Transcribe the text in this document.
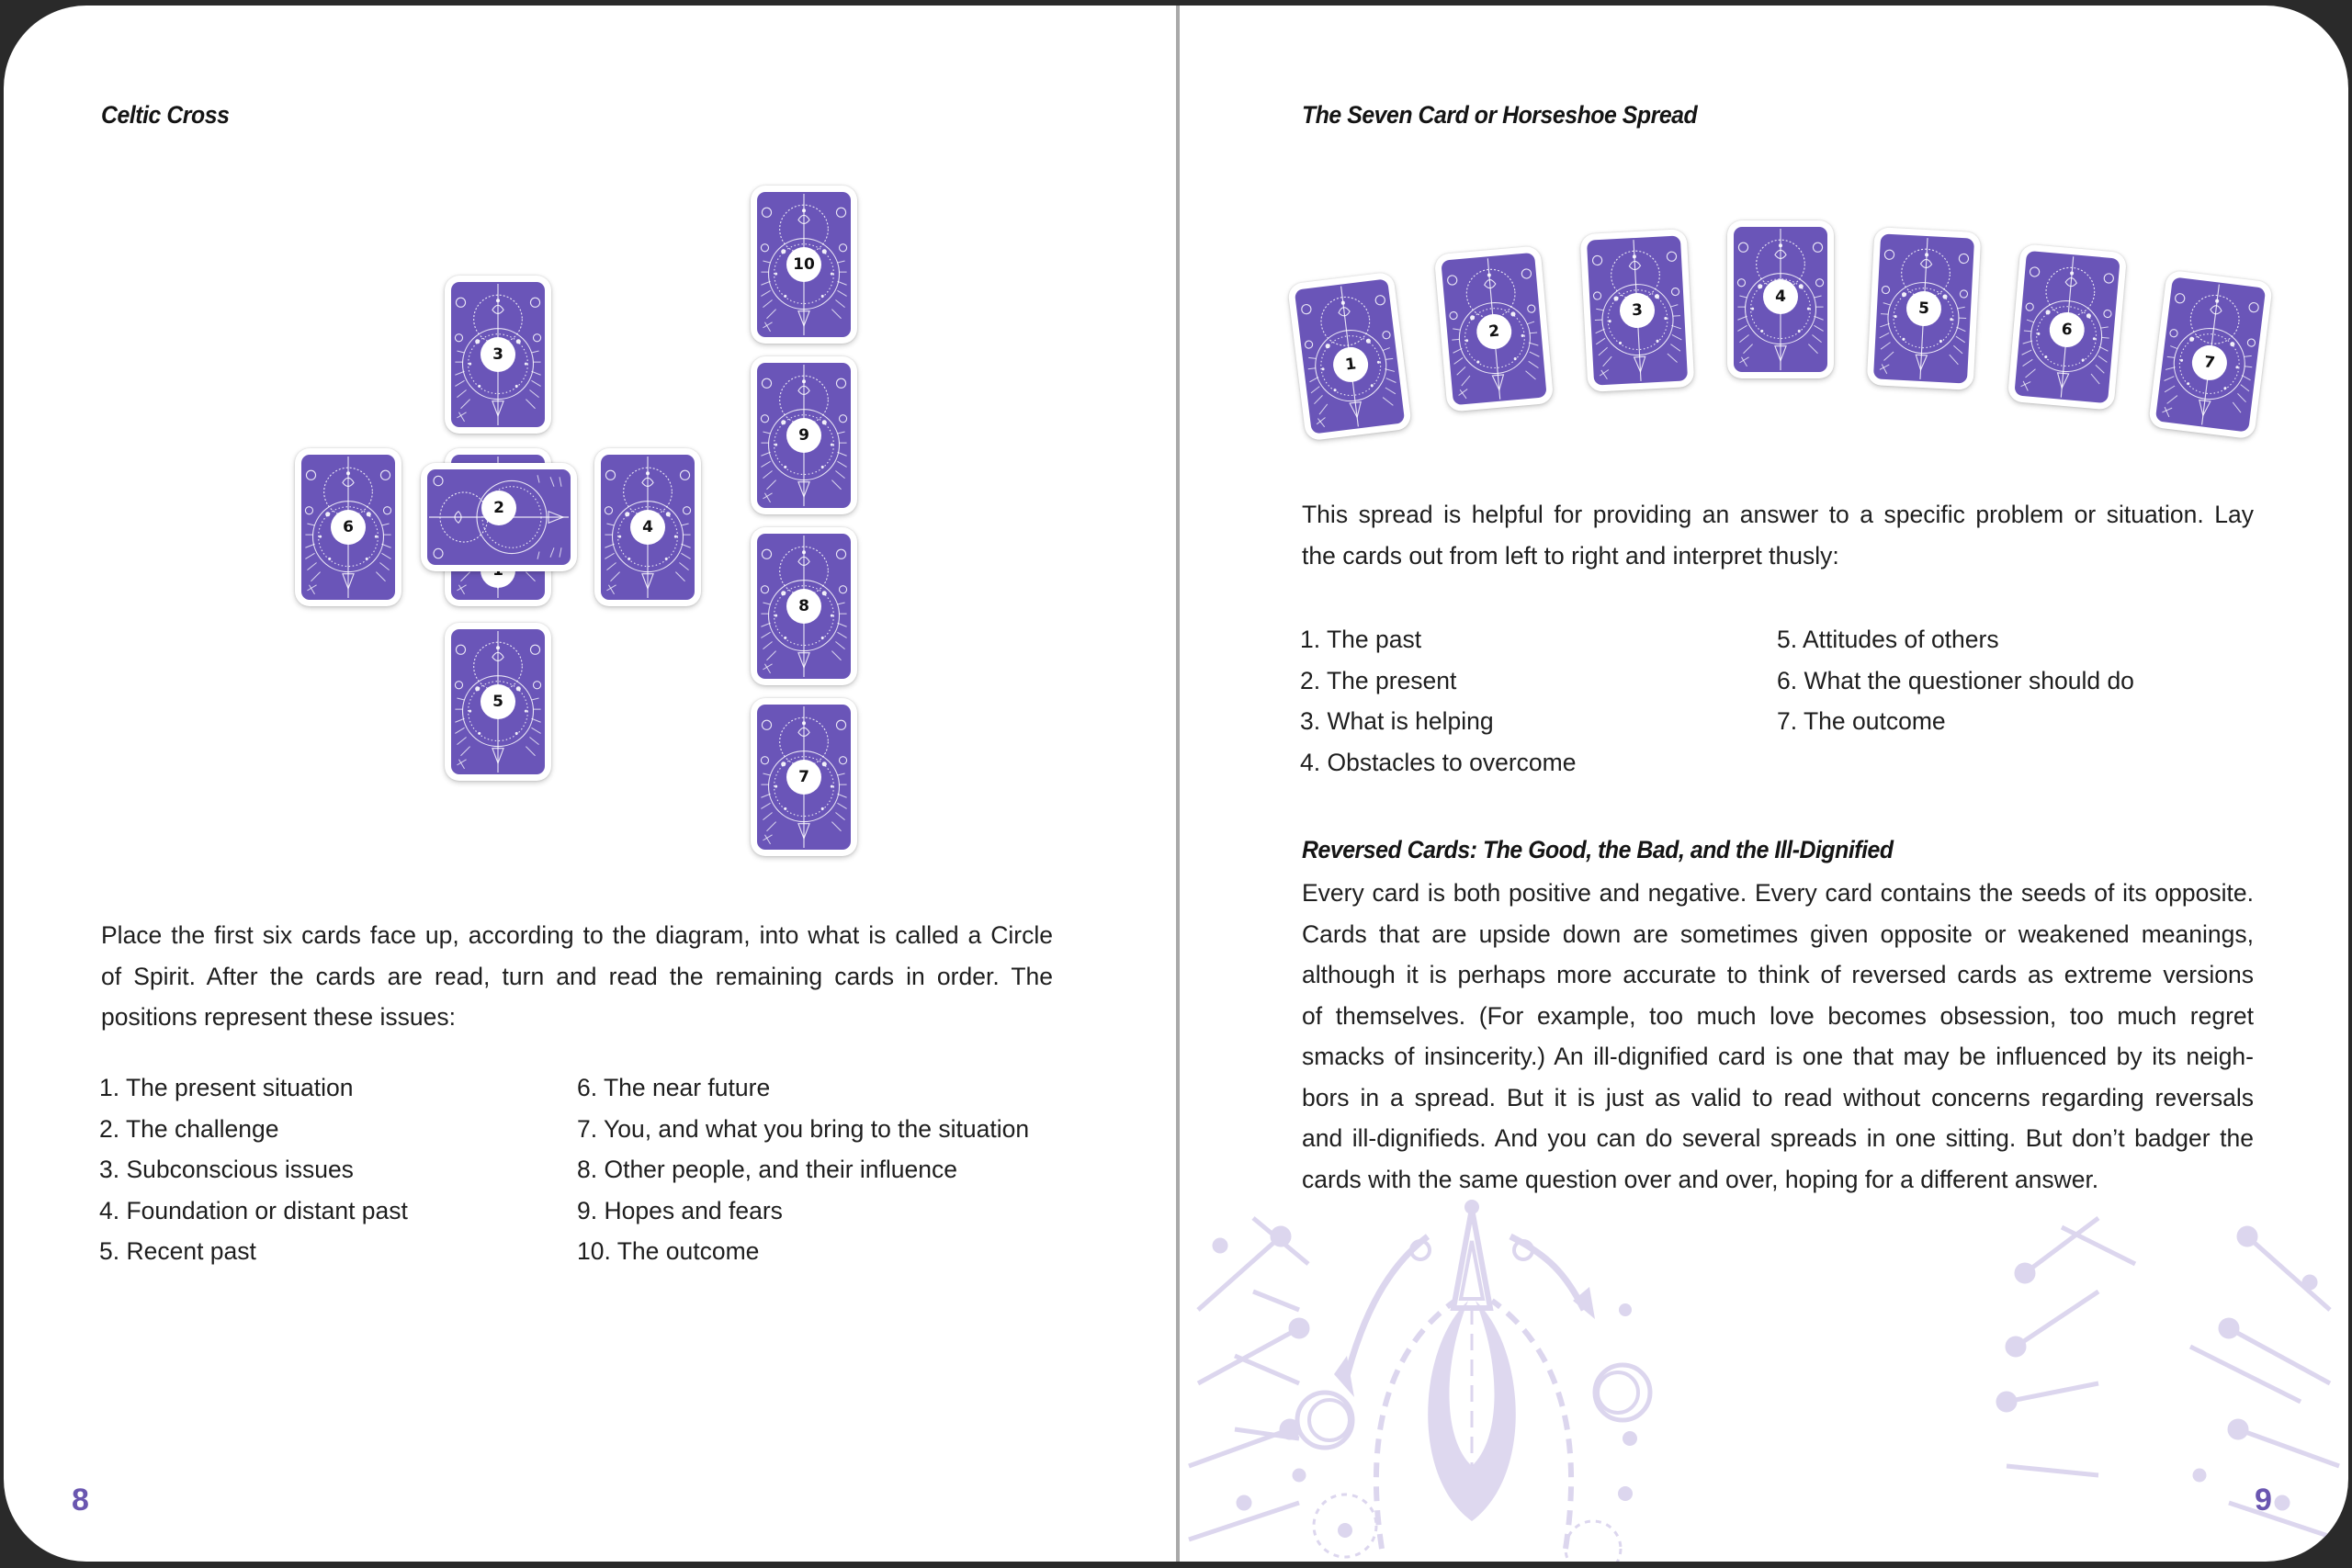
Celtic Cross
3
6
2
4
5
10
9
8
7
Place the first six cards face up, according to the diagram, into what is called a Circle
of Spirit. After the cards are read, turn and read the remaining cards in order. The
positions represent these issues:
1. The present situation
2. The challenge
3. Subconscious issues
4. Foundation or distant past
5. Recent past
6. The near future
7. You, and what you bring to the situation
8. Other people, and their influence
9. Hopes and fears
10. The outcome
8
The Seven Card or Horseshoe Spread
1
2
3
4
5
6
7
This spread is helpful for providing an answer to a specific problem or situation. Lay
the cards out from left to right and interpret thusly:
1. The past
2. The present
3. What is helping
4. Obstacles to overcome
5. Attitudes of others
6. What the questioner should do
7. The outcome
Reversed Cards: The Good, the Bad, and the Ill-Dignified
Every card is both positive and negative. Every card contains the seeds of its opposite.
Cards that are upside down are sometimes given opposite or weakened meanings,
although it is perhaps more accurate to think of reversed cards as extreme versions
of themselves. (For example, too much love becomes obsession, too much regret
smacks of insincerity.) An ill-dignified card is one that may be influenced by its neigh-
bors in a spread. But it is just as valid to read without concerns regarding reversals
and ill-dignifieds. And you can do several spreads in one sitting. But don’t badger the
cards with the same question over and over, hoping for a different answer.
9
